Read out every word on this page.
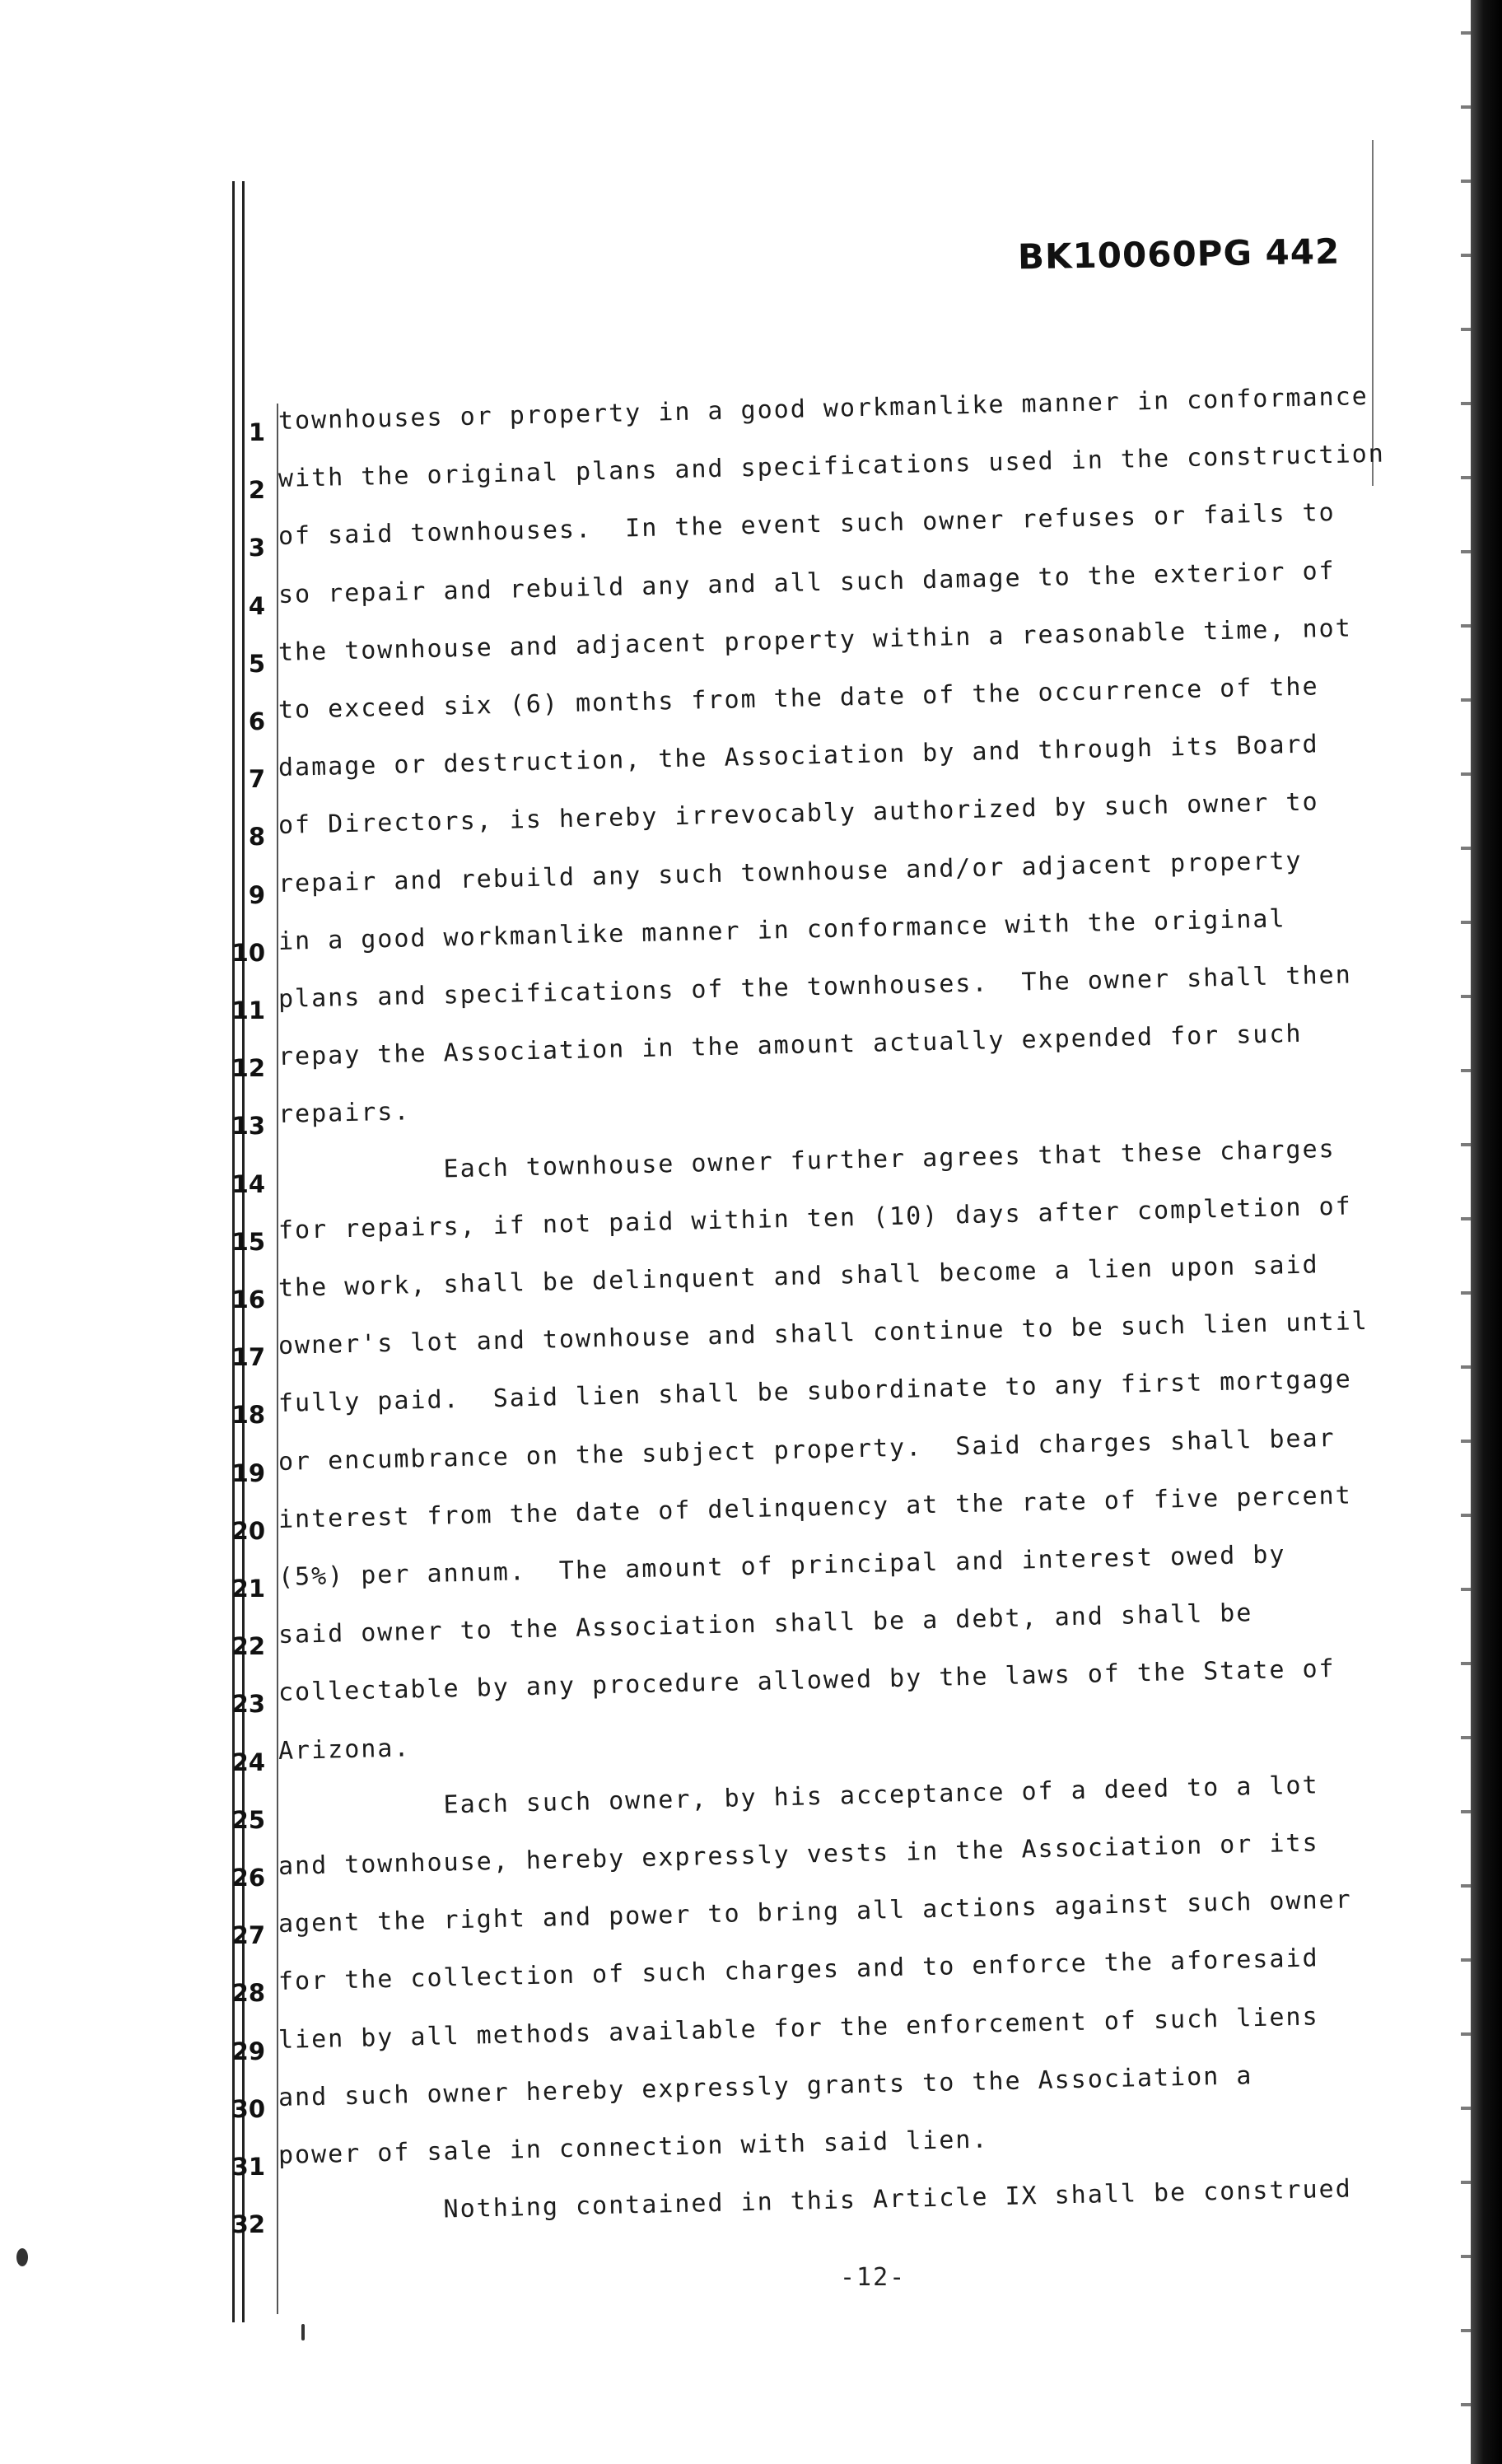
BK10060PG 442
1 townhouses or property in a good workmanlike manner in conformance
2 with the original plans and specifications used in the construction
3 of said townhouses.  In the event such owner refuses or fails to
4 so repair and rebuild any and all such damage to the exterior of
5 the townhouse and adjacent property within a reasonable time, not
6 to exceed six (6) months from the date of the occurrence of the
7 damage or destruction, the Association by and through its Board
8 of Directors, is hereby irrevocably authorized by such owner to
9 repair and rebuild any such townhouse and/or adjacent property
10 in a good workmanlike manner in conformance with the original
11 plans and specifications of the townhouses.  The owner shall then
12 repay the Association in the amount actually expended for such
13 repairs.
14 Each townhouse owner further agrees that these charges
15 for repairs, if not paid within ten (10) days after completion of
16 the work, shall be delinquent and shall become a lien upon said
17 owner's lot and townhouse and shall continue to be such lien until
18 fully paid.  Said lien shall be subordinate to any first mortgage
19 or encumbrance on the subject property.  Said charges shall bear
20 interest from the date of delinquency at the rate of five percent
21 (5%) per annum.  The amount of principal and interest owed by
22 said owner to the Association shall be a debt, and shall be
23 collectable by any procedure allowed by the laws of the State of
24 Arizona.
25 Each such owner, by his acceptance of a deed to a lot
26 and townhouse, hereby expressly vests in the Association or its
27 agent the right and power to bring all actions against such owner
28 for the collection of such charges and to enforce the aforesaid
29 lien by all methods available for the enforcement of such liens
30 and such owner hereby expressly grants to the Association a
31 power of sale in connection with said lien.
32 Nothing contained in this Article IX shall be construed
-12-
